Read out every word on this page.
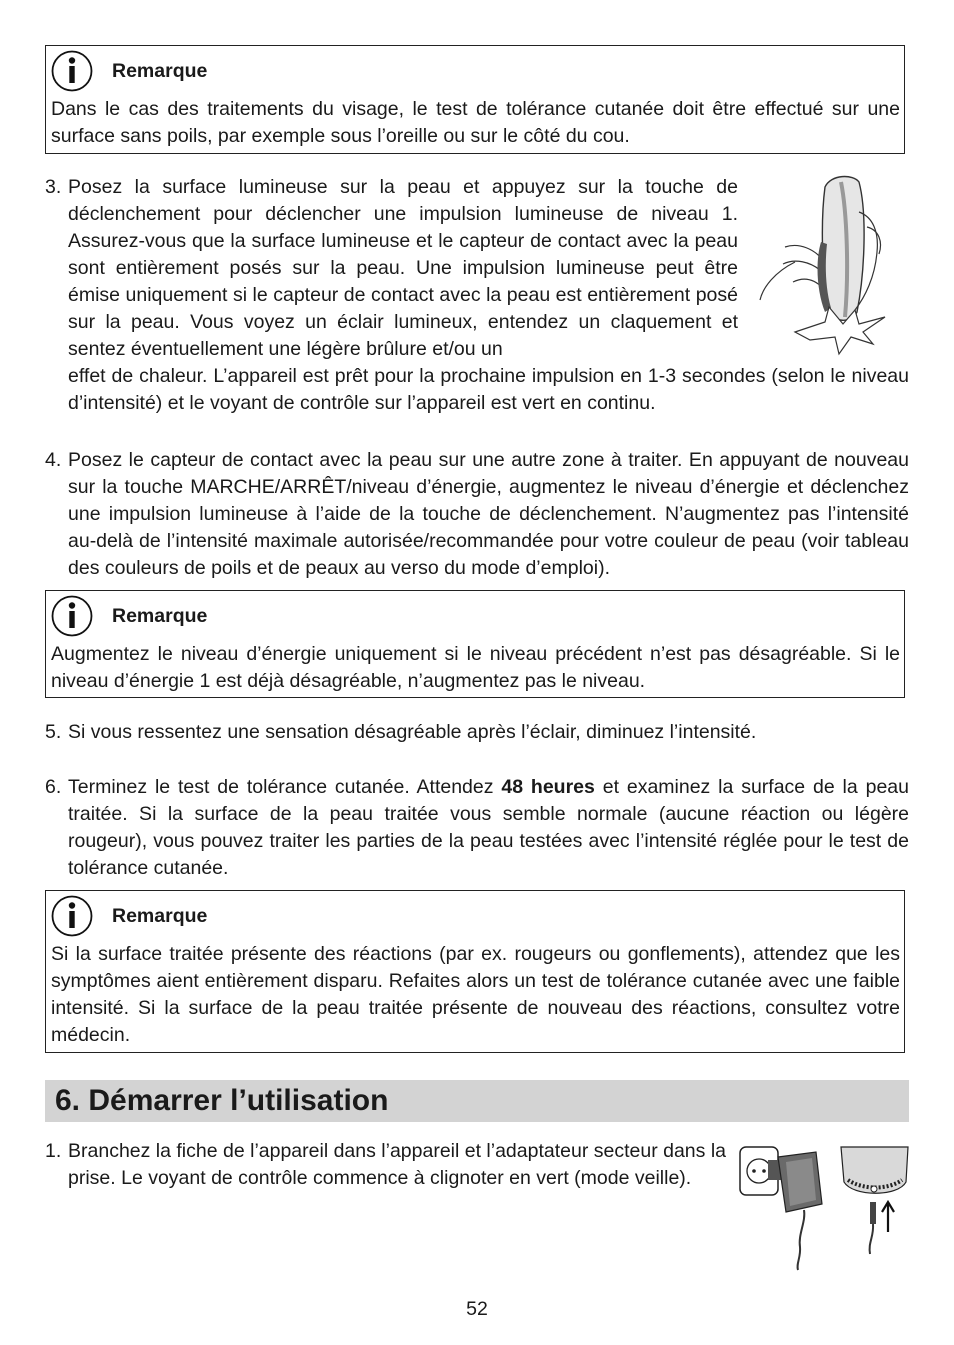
Remarque
Dans le cas des traitements du visage, le test de tolérance cutanée doit être effectué sur une surface sans poils, par exemple sous l’oreille ou sur le côté du cou.
3. Posez la surface lumineuse sur la peau et appuyez sur la touche de déclenchement pour déclencher une impulsion lumineuse de niveau 1. Assurez-vous que la surface lumineuse et le capteur de contact avec la peau sont entièrement posés sur la peau. Une impulsion lumineuse peut être émise uniquement si le capteur de contact avec la peau est entièrement posé sur la peau. Vous voyez un éclair lumineux, entendez un claquement et sentez éventuellement une légère brûlure et/ou un
effet de chaleur. L’appareil est prêt pour la prochaine impulsion en 1-3 secondes (selon le niveau d’intensité) et le voyant de contrôle sur l’appareil est vert en continu.
4. Posez le capteur de contact avec la peau sur une autre zone à traiter. En appuyant de nouveau sur la touche MARCHE/ARRÊT/niveau d’énergie, augmentez le niveau d’énergie et déclenchez une impulsion lumineuse à l’aide de la touche de déclenchement. N’augmentez pas l’intensité au-delà de l’intensité maximale autorisée/recommandée pour votre couleur de peau (voir tableau des couleurs de poils et de peaux au verso du mode d’emploi).
Remarque
Augmentez le niveau d’énergie uniquement si le niveau précédent n’est pas désagréable. Si le niveau d’énergie 1 est déjà désagréable, n’augmentez pas le niveau.
5. Si vous ressentez une sensation désagréable après l’éclair, diminuez l’intensité.
6. Terminez le test de tolérance cutanée. Attendez 48 heures et examinez la surface de la peau traitée. Si la surface de la peau traitée vous semble normale (aucune réaction ou légère rougeur), vous pouvez traiter les parties de la peau testées avec l’intensité réglée pour le test de tolérance cutanée.
Remarque
Si la surface traitée présente des réactions (par ex. rougeurs ou gonflements), attendez que les symptômes aient entièrement disparu. Refaites alors un test de tolérance cutanée avec une faible intensité. Si la surface de la peau traitée présente de nouveau des réactions, consultez votre médecin.
6. Démarrer l’utilisation
1. Branchez la fiche de l’appareil dans l’appareil et l’adaptateur secteur dans la prise. Le voyant de contrôle commence à clignoter en vert (mode veille).
52
